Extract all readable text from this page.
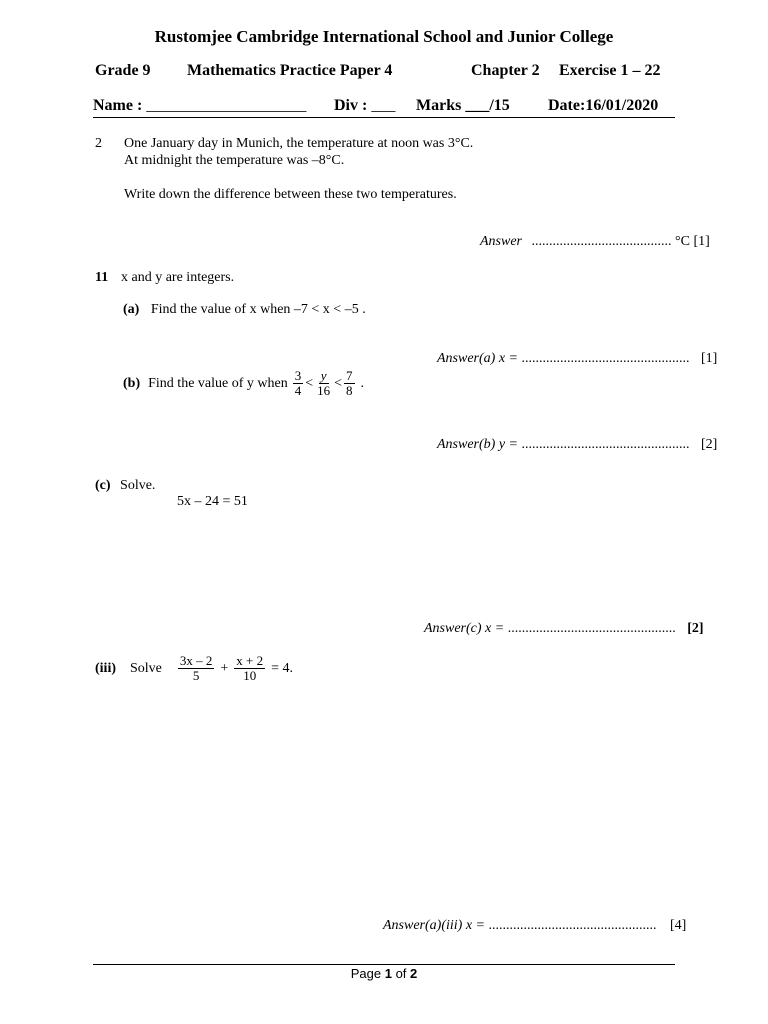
Rustomjee Cambridge International School and Junior College
Grade 9 Mathematics Practice Paper 4	Chapter 2 Exercise 1 – 22
Name : ____________________ Div : ___ Marks ___/15 Date:16/01/2020
2 One January day in Munich, the temperature at noon was 3°C.
At midnight the temperature was –8°C.
Write down the difference between these two temperatures.
Answer ........................................ °C [1]
11 x and y are integers.
(a) Find the value of x when –7 < x < –5 .
Answer(a) x = ................................................ [1]
(b) Find the value of y when $\frac{3}{4} < \frac{y}{16} < \frac{7}{8}$ .
Answer(b) y = ................................................ [2]
(c) Solve.
5x – 24 = 51
Answer(c) x = ................................................ [2]
(iii) Solve $\frac{3x - 2}{5} + \frac{x + 2}{10} = 4$.
Answer(a)(iii) x = ................................................ [4]
Page 1 of 2
